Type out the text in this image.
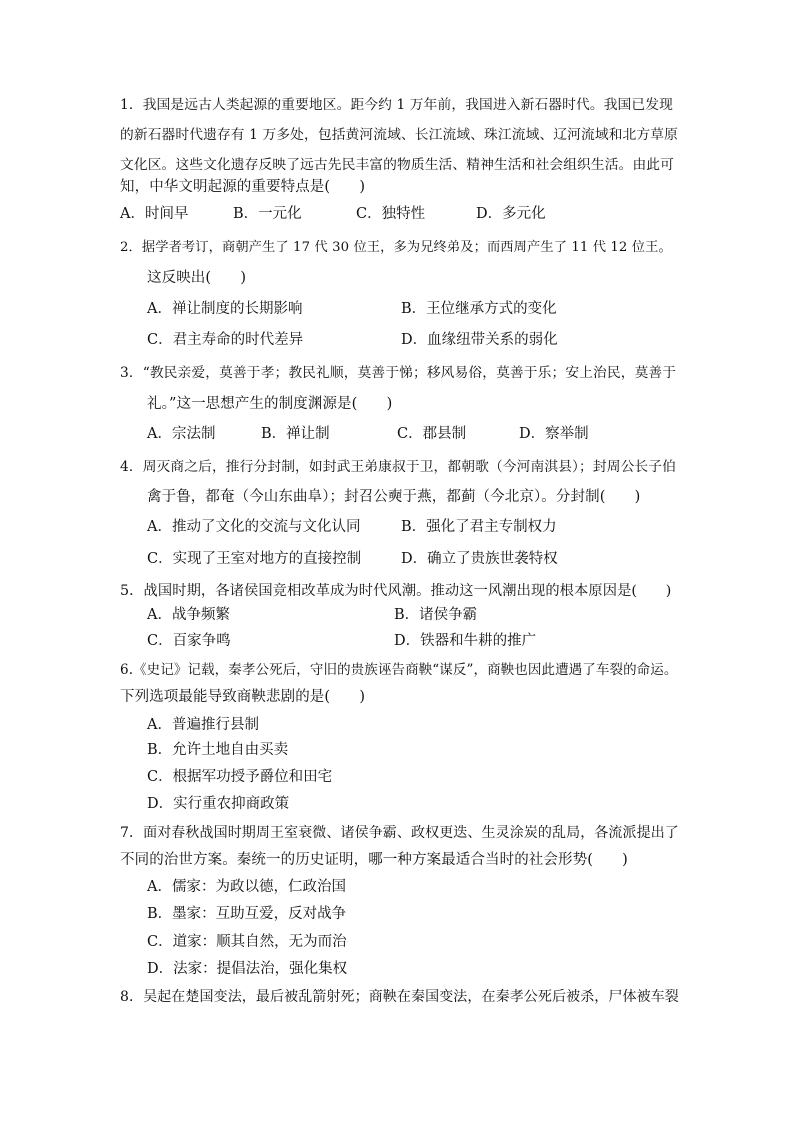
1．我国是远古人类起源的重要地区。距今约 1 万年前，我国进入新石器时代。我国已发现
的新石器时代遗存有 1 万多处，包括黄河流域、长江流域、珠江流域、辽河流域和北方草原
文化区。这些文化遗存反映了远古先民丰富的物质生活、精神生活和社会组织生活。由此可
知，中华文明起源的重要特点是(　　)
A．时间早	B．一元化	C．独特性	D．多元化
2．据学者考订，商朝产生了 17 代 30 位王，多为兄终弟及；而西周产生了 11 代 12 位王。
这反映出(　　)
A．禅让制度的长期影响	B．王位继承方式的变化
C．君主寿命的时代差异	D．血缘纽带关系的弱化
3．“教民亲爱，莫善于孝；教民礼顺，莫善于悌；移风易俗，莫善于乐；安上治民，莫善于
礼。”这一思想产生的制度渊源是(　　)
A．宗法制	B．禅让制	C．郡县制	D．察举制
4．周灭商之后，推行分封制，如封武王弟康叔于卫，都朝歌（今河南淇县）；封周公长子伯
禽于鲁，都奄（今山东曲阜）；封召公奭于燕，都蓟（今北京）。分封制(　　)
A．推动了文化的交流与文化认同	B．强化了君主专制权力
C．实现了王室对地方的直接控制	D．确立了贵族世袭特权
5．战国时期，各诸侯国竞相改革成为时代风潮。推动这一风潮出现的根本原因是(　　)
A．战争频繁	B．诸侯争霸
C．百家争鸣	D．铁器和牛耕的推广
6.《史记》记载，秦孝公死后，守旧的贵族诬告商鞅“谋反”，商鞅也因此遭遇了车裂的命运。
下列选项最能导致商鞅悲剧的是(　　)
A．普遍推行县制
B．允许土地自由买卖
C．根据军功授予爵位和田宅
D．实行重农抑商政策
7．面对春秋战国时期周王室衰微、诸侯争霸、政权更迭、生灵涂炭的乱局，各流派提出了
不同的治世方案。秦统一的历史证明，哪一种方案最适合当时的社会形势(　　)
A．儒家：为政以德，仁政治国
B．墨家：互助互爱，反对战争
C．道家：顺其自然，无为而治
D．法家：提倡法治，强化集权
8．吴起在楚国变法，最后被乱箭射死；商鞅在秦国变法，在秦孝公死后被杀，尸体被车裂
